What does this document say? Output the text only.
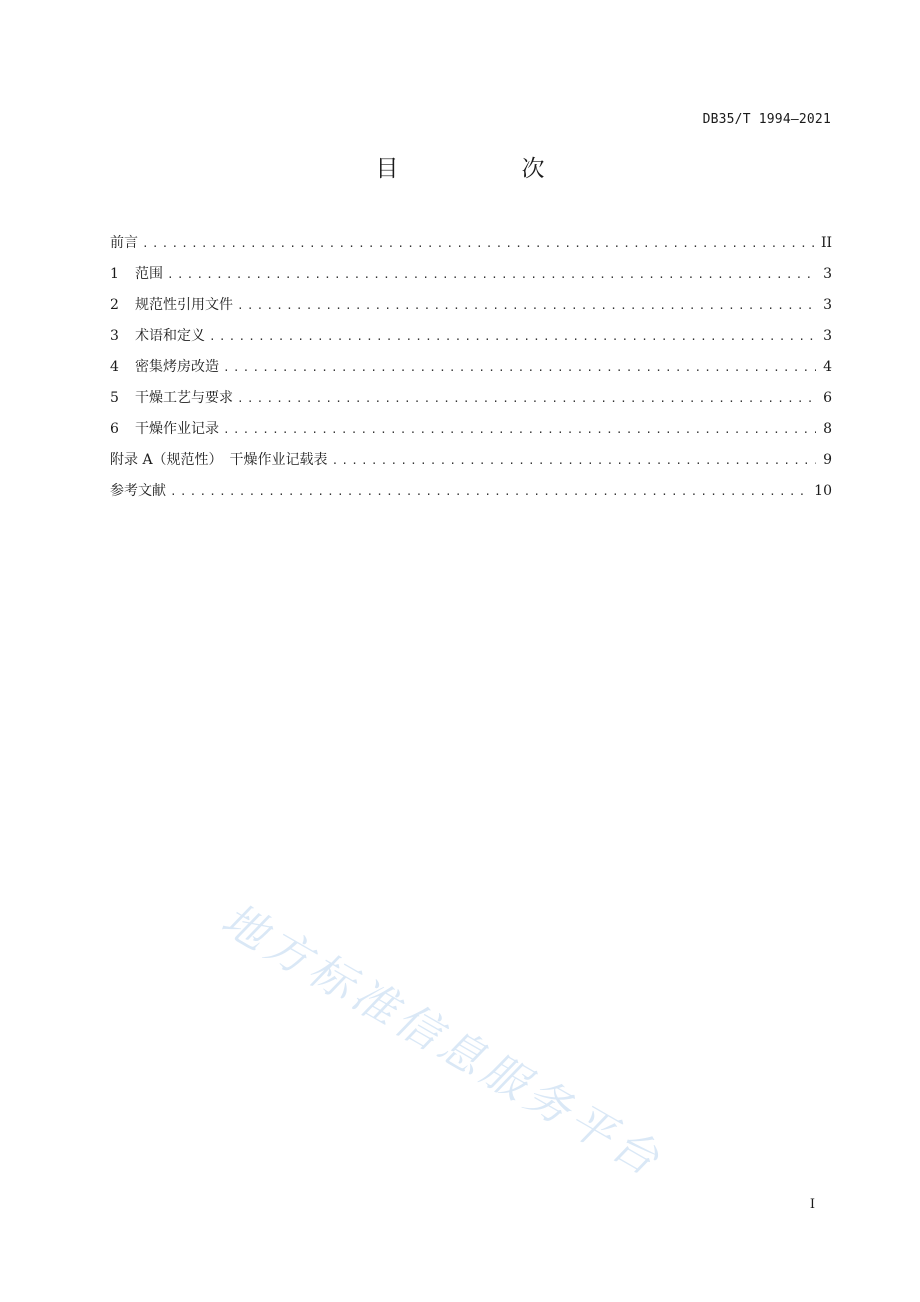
DB35/T 1994—2021
目　次
前言 .....	II
1	范围 .....	3
2	规范性引用文件 .....	3
3	术语和定义 .....	3
4	密集烤房改造 .....	4
5	干燥工艺与要求 .....	6
6	干燥作业记录 .....	8
附录 A（规范性）　干燥作业记载表 .....	9
参考文献 .....	10
地方标准信息服务平台
I
